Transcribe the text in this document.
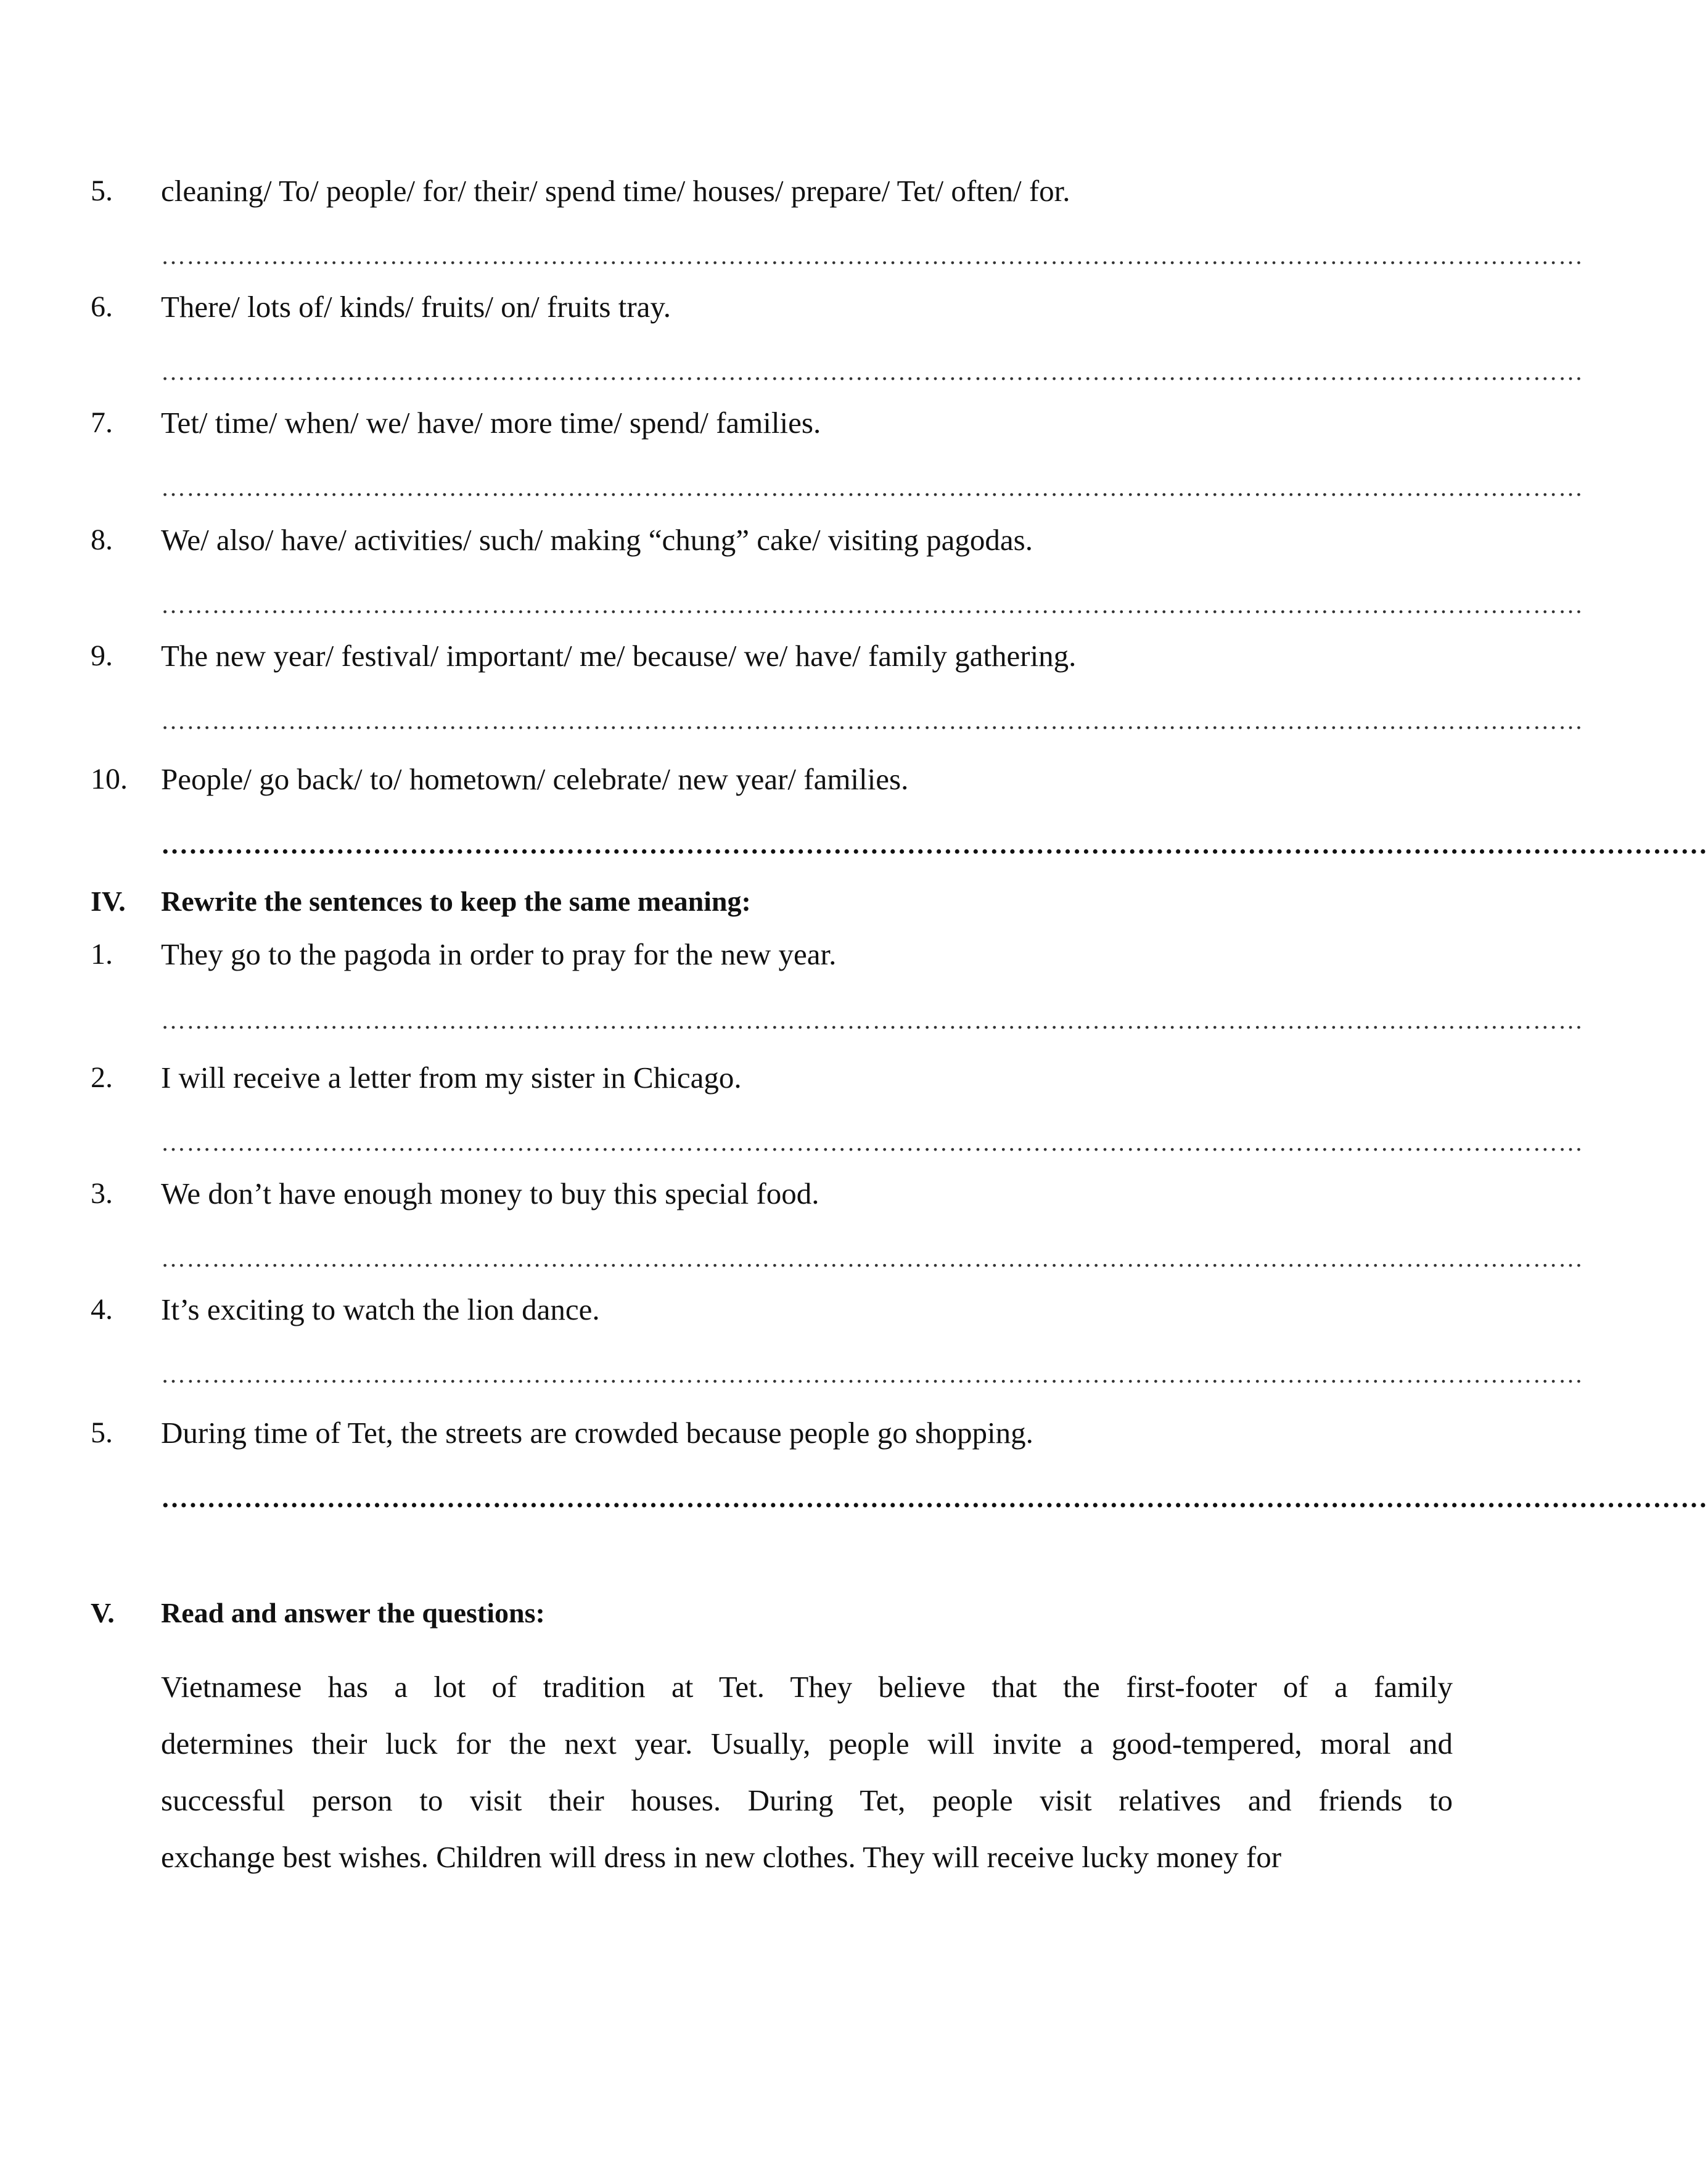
5. cleaning/ To/ people/ for/ their/ spend time/ houses/ prepare/ Tet/ often/ for.
……………………………………………………………………………………………………………………………………………………
6. There/ lots of/ kinds/ fruits/ on/ fruits tray.
……………………………………………………………………………………………………………………………………………………
7. Tet/ time/ when/ we/ have/ more time/ spend/ families.
……………………………………………………………………………………………………………………………………………………
8. We/ also/ have/ activities/ such/ making “chung” cake/ visiting pagodas.
……………………………………………………………………………………………………………………………………………………
9. The new year/ festival/ important/ me/ because/ we/ have/ family gathering.
……………………………………………………………………………………………………………………………………………………
10. People/ go back/ to/ hometown/ celebrate/ new year/ families.
……………………………………………………………………………………………………………………………………………………
IV. Rewrite the sentences to keep the same meaning:
1. They go to the pagoda in order to pray for the new year.
……………………………………………………………………………………………………………………………………………………
2. I will receive a letter from my sister in Chicago.
……………………………………………………………………………………………………………………………………………………
3. We don’t have enough money to buy this special food.
……………………………………………………………………………………………………………………………………………………
4. It’s exciting to watch the lion dance.
……………………………………………………………………………………………………………………………………………………
5. During time of Tet, the streets are crowded because people go shopping.
……………………………………………………………………………………………………………………………………………………
V. Read and answer the questions:
Vietnamese has a lot of tradition at Tet. They believe that the first-footer of a family
determines their luck for the next year. Usually, people will invite a good-tempered, moral and
successful person to visit their houses. During Tet, people visit relatives and friends to
exchange best wishes. Children will dress in new clothes. They will receive lucky money for
